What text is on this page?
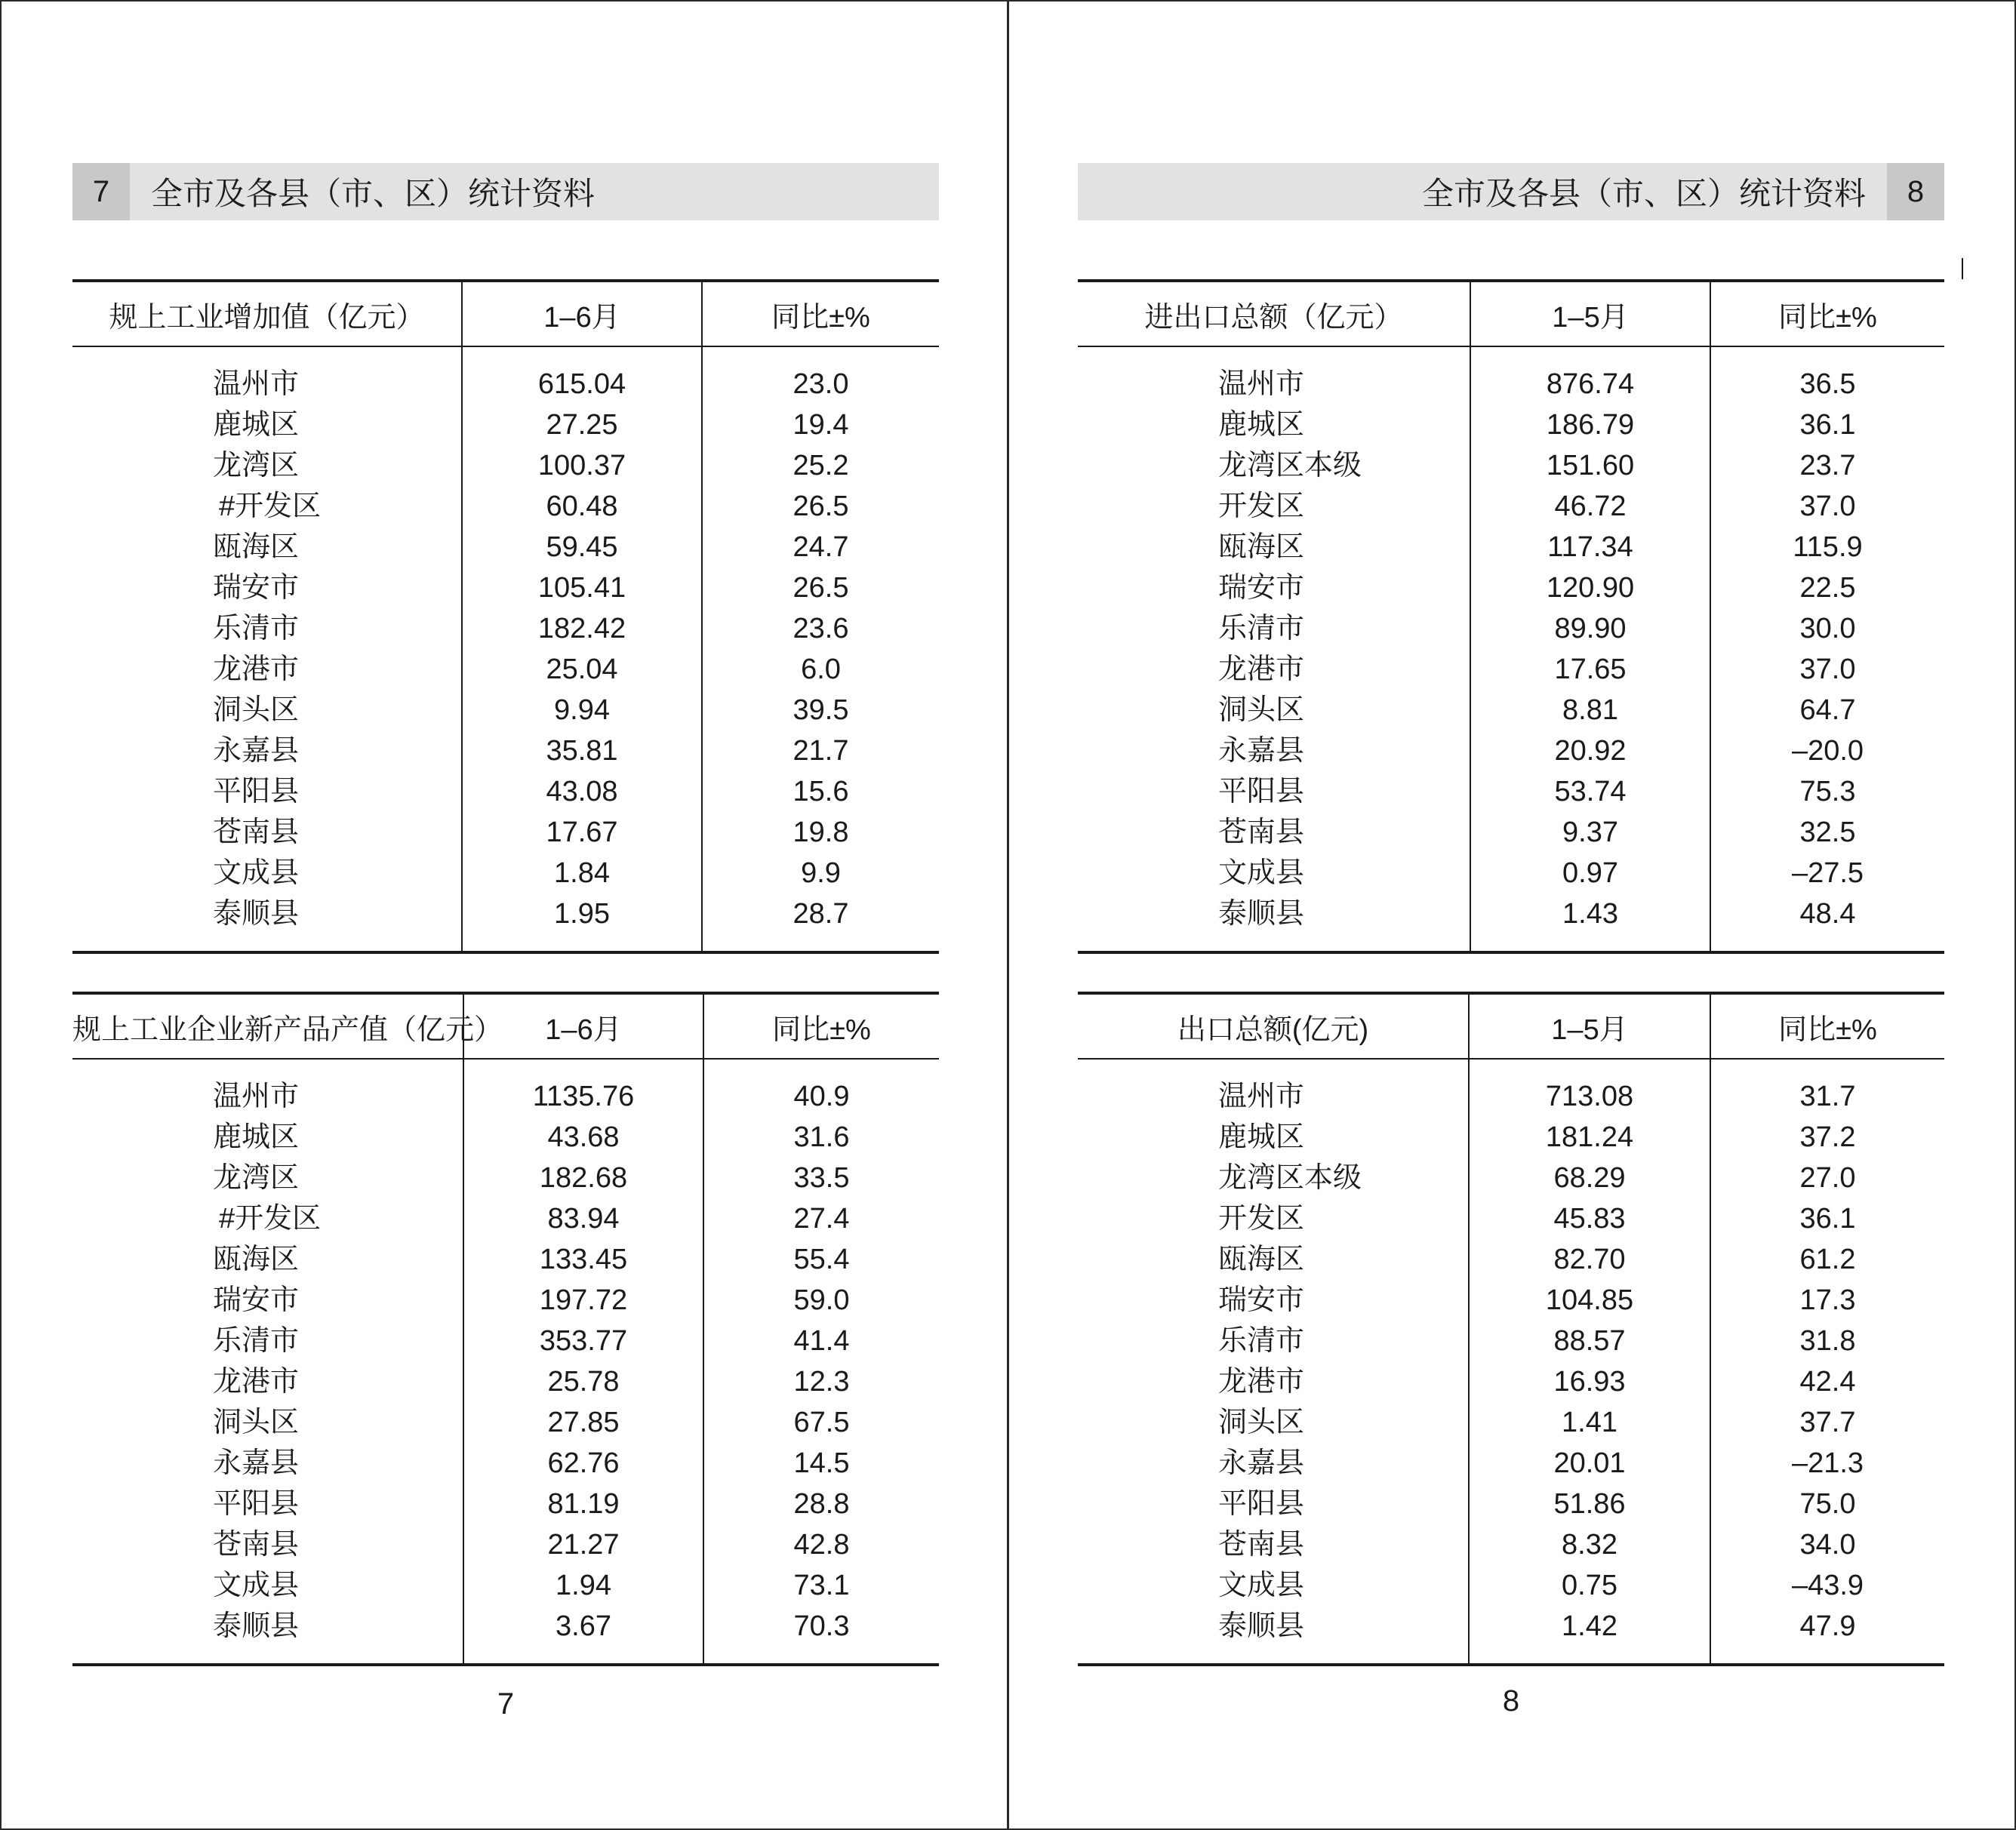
7	全市及各县（市、区）统计资料
规上工业增加值（亿元）	1–6月	同比±%
温州市	615.04	23.0
鹿城区	27.25	19.4
龙湾区	100.37	25.2
#开发区	60.48	26.5
瓯海区	59.45	24.7
瑞安市	105.41	26.5
乐清市	182.42	23.6
龙港市	25.04	6.0
洞头区	9.94	39.5
永嘉县	35.81	21.7
平阳县	43.08	15.6
苍南县	17.67	19.8
文成县	1.84	9.9
泰顺县	1.95	28.7
规上工业企业新产品产值（亿元）	1–6月	同比±%
温州市	1135.76	40.9
鹿城区	43.68	31.6
龙湾区	182.68	33.5
#开发区	83.94	27.4
瓯海区	133.45	55.4
瑞安市	197.72	59.0
乐清市	353.77	41.4
龙港市	25.78	12.3
洞头区	27.85	67.5
永嘉县	62.76	14.5
平阳县	81.19	28.8
苍南县	21.27	42.8
文成县	1.94	73.1
泰顺县	3.67	70.3
7
全市及各县（市、区）统计资料	8
进出口总额（亿元）	1–5月	同比±%
温州市	876.74	36.5
鹿城区	186.79	36.1
龙湾区本级	151.60	23.7
开发区	46.72	37.0
瓯海区	117.34	115.9
瑞安市	120.90	22.5
乐清市	89.90	30.0
龙港市	17.65	37.0
洞头区	8.81	64.7
永嘉县	20.92	–20.0
平阳县	53.74	75.3
苍南县	9.37	32.5
文成县	0.97	–27.5
泰顺县	1.43	48.4
出口总额(亿元)	1–5月	同比±%
温州市	713.08	31.7
鹿城区	181.24	37.2
龙湾区本级	68.29	27.0
开发区	45.83	36.1
瓯海区	82.70	61.2
瑞安市	104.85	17.3
乐清市	88.57	31.8
龙港市	16.93	42.4
洞头区	1.41	37.7
永嘉县	20.01	–21.3
平阳县	51.86	75.0
苍南县	8.32	34.0
文成县	0.75	–43.9
泰顺县	1.42	47.9
8
